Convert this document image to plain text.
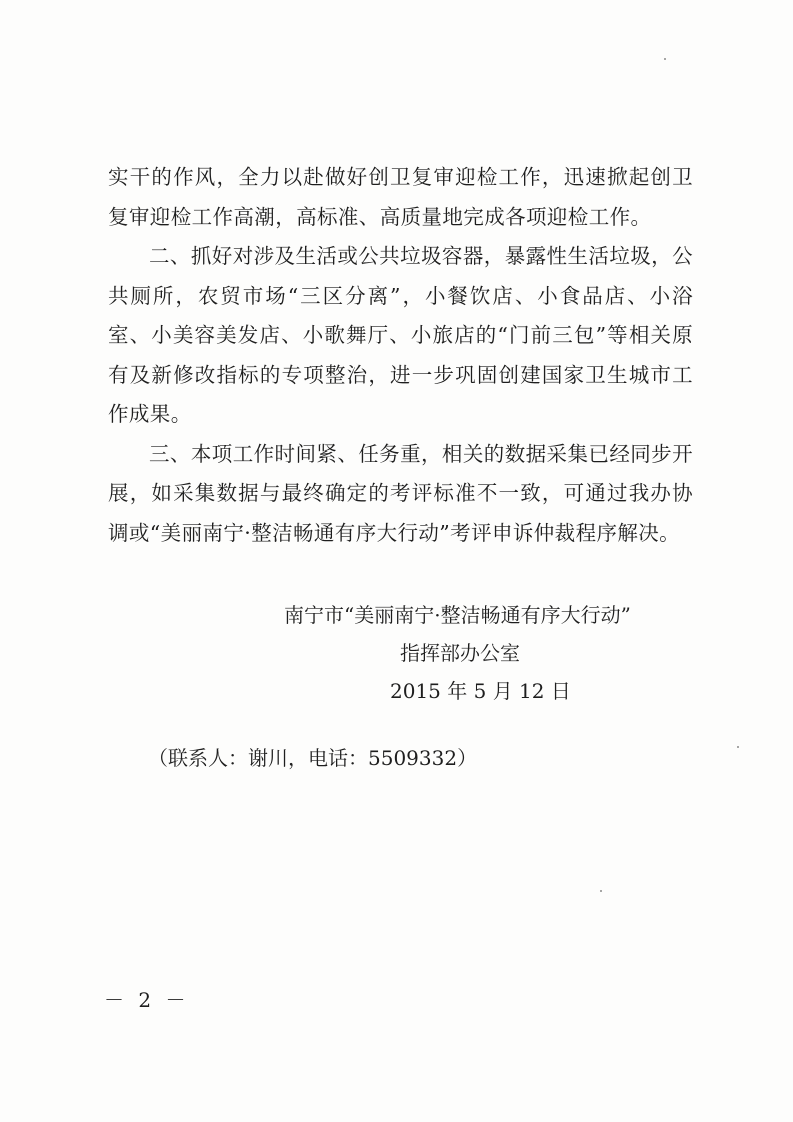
实干的作风，全力以赴做好创卫复审迎检工作，迅速掀起创卫复审迎检工作高潮，高标准、高质量地完成各项迎检工作。

二、抓好对涉及生活或公共垃圾容器，暴露性生活垃圾，公共厕所，农贸市场“三区分离”，小餐饮店、小食品店、小浴室、小美容美发店、小歌舞厅、小旅店的“门前三包”等相关原有及新修改指标的专项整治，进一步巩固创建国家卫生城市工作成果。

三、本项工作时间紧、任务重，相关的数据采集已经同步开展，如采集数据与最终确定的考评标准不一致，可通过我办协调或“美丽南宁·整洁畅通有序大行动”考评申诉仲裁程序解决。

南宁市“美丽南宁·整洁畅通有序大行动”
指挥部办公室
2015 年 5 月 12 日
（联系人：谢川，电话：5509332）
－ 2 －
